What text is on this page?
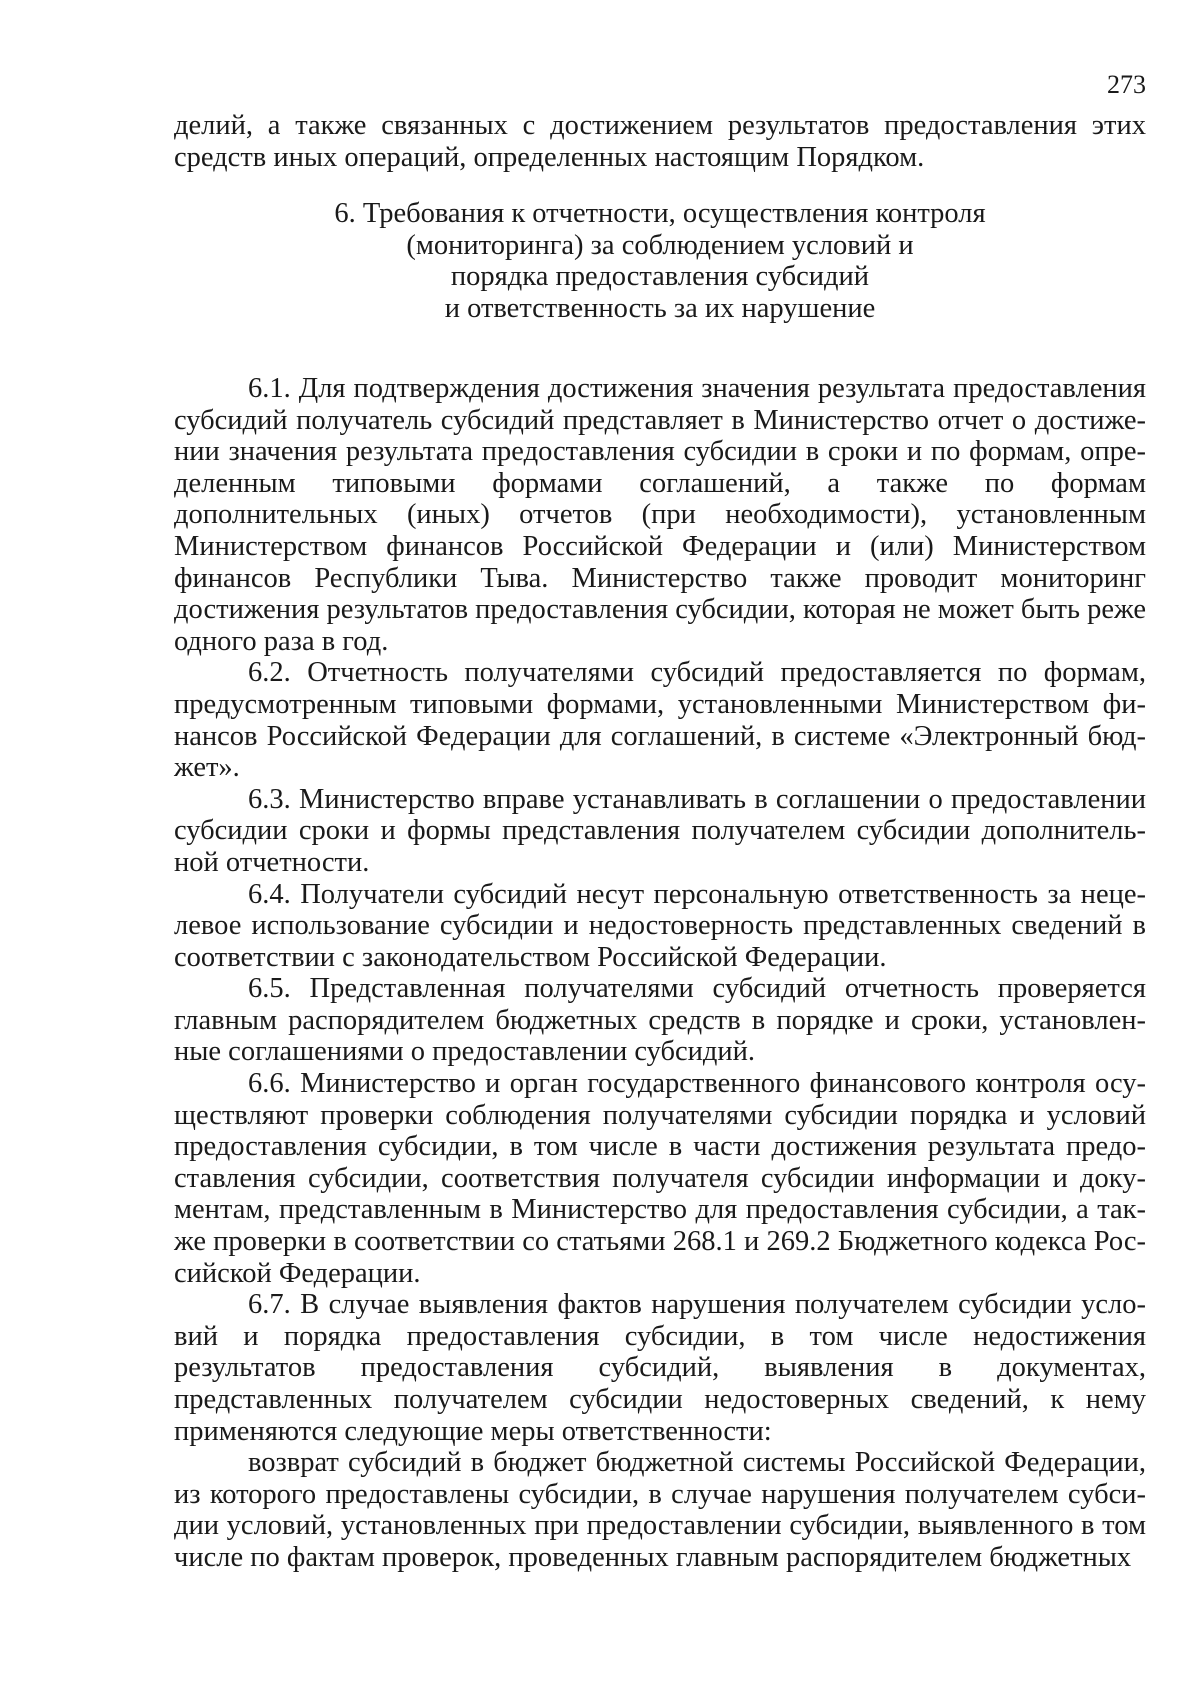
273
делий, а также связанных с достижением результатов предоставления этих средств иных операций, определенных настоящим Порядком.
6. Требования к отчетности, осуществления контроля
(мониторинга) за соблюдением условий и
порядка предоставления субсидий
и ответственность за их нарушение

6.1. Для подтверждения достижения значения результата предоставления субсидий получатель субсидий представляет в Министерство отчет о достижении значения результата предоставления субсидии в сроки и по формам, определенным типовыми формами соглашений, а также по формам дополнительных (иных) отчетов (при необходимости), установленным Министерством финансов Российской Федерации и (или) Министерством финансов Республики Тыва. Министерство также проводит мониторинг достижения результатов предоставления субсидии, которая не может быть реже одного раза в год.

6.2. Отчетность получателями субсидий предоставляется по формам, предусмотренным типовыми формами, установленными Министерством финансов Российской Федерации для соглашений, в системе «Электронный бюджет».

6.3. Министерство вправе устанавливать в соглашении о предоставлении субсидии сроки и формы представления получателем субсидии дополнительной отчетности.

6.4. Получатели субсидий несут персональную ответственность за нецелевое использование субсидии и недостоверность представленных сведений в соответствии с законодательством Российской Федерации.

6.5. Представленная получателями субсидий отчетность проверяется главным распорядителем бюджетных средств в порядке и сроки, установленные соглашениями о предоставлении субсидий.

6.6. Министерство и орган государственного финансового контроля осуществляют проверки соблюдения получателями субсидии порядка и условий предоставления субсидии, в том числе в части достижения результата предоставления субсидии, соответствия получателя субсидии информации и документам, представленным в Министерство для предоставления субсидии, а также проверки в соответствии со статьями 268.1 и 269.2 Бюджетного кодекса Российской Федерации.

6.7. В случае выявления фактов нарушения получателем субсидии условий и порядка предоставления субсидии, в том числе недостижения результатов предоставления субсидий, выявления в документах, представленных получателем субсидии недостоверных сведений, к нему применяются следующие меры ответственности:

возврат субсидий в бюджет бюджетной системы Российской Федерации, из которого предоставлены субсидии, в случае нарушения получателем субсидии условий, установленных при предоставлении субсидии, выявленного в том числе по фактам проверок, проведенных главным распорядителем бюджетных
